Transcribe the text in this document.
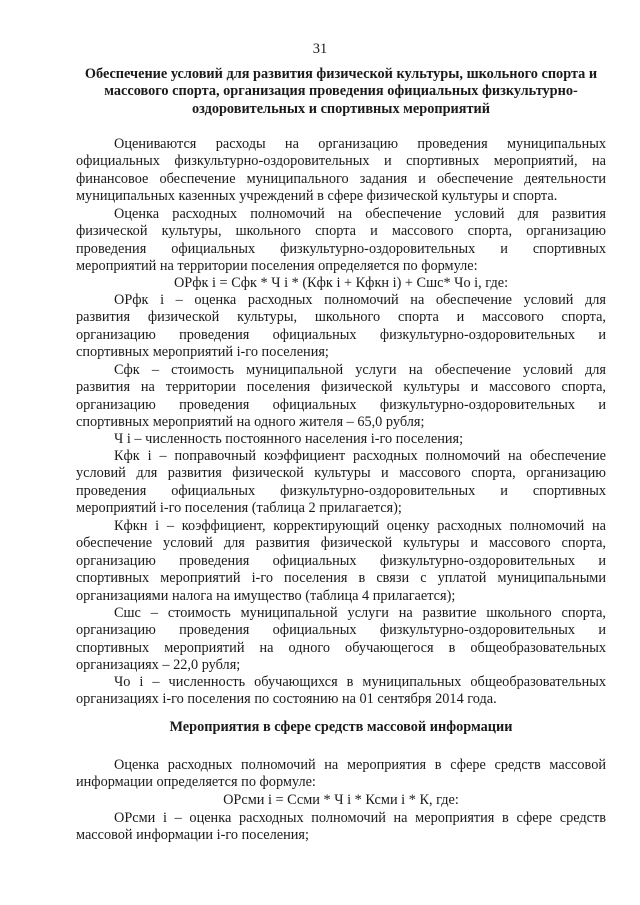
31
Обеспечение условий для развития физической культуры, школьного спорта и массового спорта, организация проведения официальных физкультурно-оздоровительных и спортивных мероприятий
Оцениваются расходы на организацию проведения муниципальных
официальных физкультурно-оздоровительных и спортивных мероприятий, на
финансовое обеспечение муниципального задания и обеспечение деятельности
муниципальных казенных учреждений в сфере физической культуры и спорта.
Оценка расходных полномочий на обеспечение условий для развития
физической культуры, школьного спорта и массового спорта, организацию
проведения официальных физкультурно-оздоровительных и спортивных
мероприятий на территории поселения определяется по формуле:
ОРфк i = Сфк * Ч i * (Кфк i + Кфкн i) + Сшс* Чо i, где:
ОРфк i – оценка расходных полномочий на обеспечение условий для
развития физической культуры, школьного спорта и массового спорта,
организацию проведения официальных физкультурно-оздоровительных и
спортивных мероприятий i-го поселения;
Сфк – стоимость муниципальной услуги на обеспечение условий для
развития на территории поселения физической культуры и массового спорта,
организацию проведения официальных физкультурно-оздоровительных и
спортивных мероприятий на одного жителя – 65,0 рубля;
Ч i – численность постоянного населения i-го поселения;
Кфк i – поправочный коэффициент расходных полномочий на обеспечение
условий для развития физической культуры и массового спорта, организацию
проведения официальных физкультурно-оздоровительных и спортивных
мероприятий i-го поселения (таблица 2 прилагается);
Кфкн i – коэффициент, корректирующий оценку расходных полномочий на
обеспечение условий для развития физической культуры и массового спорта,
организацию проведения официальных физкультурно-оздоровительных и
спортивных мероприятий i-го поселения в связи с уплатой муниципальными
организациями налога на имущество (таблица 4 прилагается);
Сшс – стоимость муниципальной услуги на развитие школьного спорта,
организацию проведения официальных физкультурно-оздоровительных и
спортивных мероприятий на одного обучающегося в общеобразовательных
организациях – 22,0 рубля;
Чо i – численность обучающихся в муниципальных общеобразовательных
организациях i-го поселения по состоянию на 01 сентября 2014 года.
Мероприятия в сфере средств массовой информации
Оценка расходных полномочий на мероприятия в сфере средств массовой
информации определяется по формуле:
ОРсми i = Ссми * Ч i * Ксми i * К, где:
ОРсми i – оценка расходных полномочий на мероприятия в сфере средств
массовой информации i-го поселения;
